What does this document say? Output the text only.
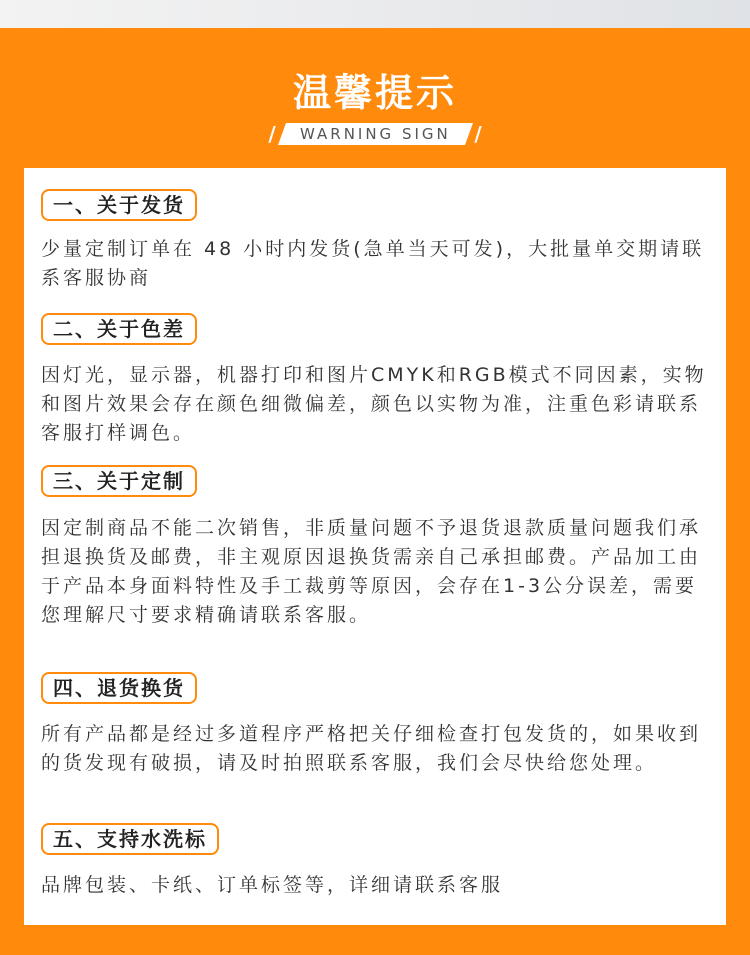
温馨提示
/	WARNING SIGN	/
一、关于发货
少量定制订单在 48 小时内发货(急单当天可发)，大批量单交期请联系客服协商
二、关于色差
因灯光，显示器，机器打印和图片CMYK和RGB模式不同因素，实物和图片效果会存在颜色细微偏差，颜色以实物为准，注重色彩请联系客服打样调色。
三、关于定制
因定制商品不能二次销售，非质量问题不予退货退款质量问题我们承担退换货及邮费，非主观原因退换货需亲自己承担邮费。产品加工由于产品本身面料特性及手工裁剪等原因，会存在1-3公分误差，需要您理解尺寸要求精确请联系客服。
四、退货换货
所有产品都是经过多道程序严格把关仔细检查打包发货的，如果收到的货发现有破损，请及时拍照联系客服，我们会尽快给您处理。
五、支持水洗标
品牌包装、卡纸、订单标签等，详细请联系客服
